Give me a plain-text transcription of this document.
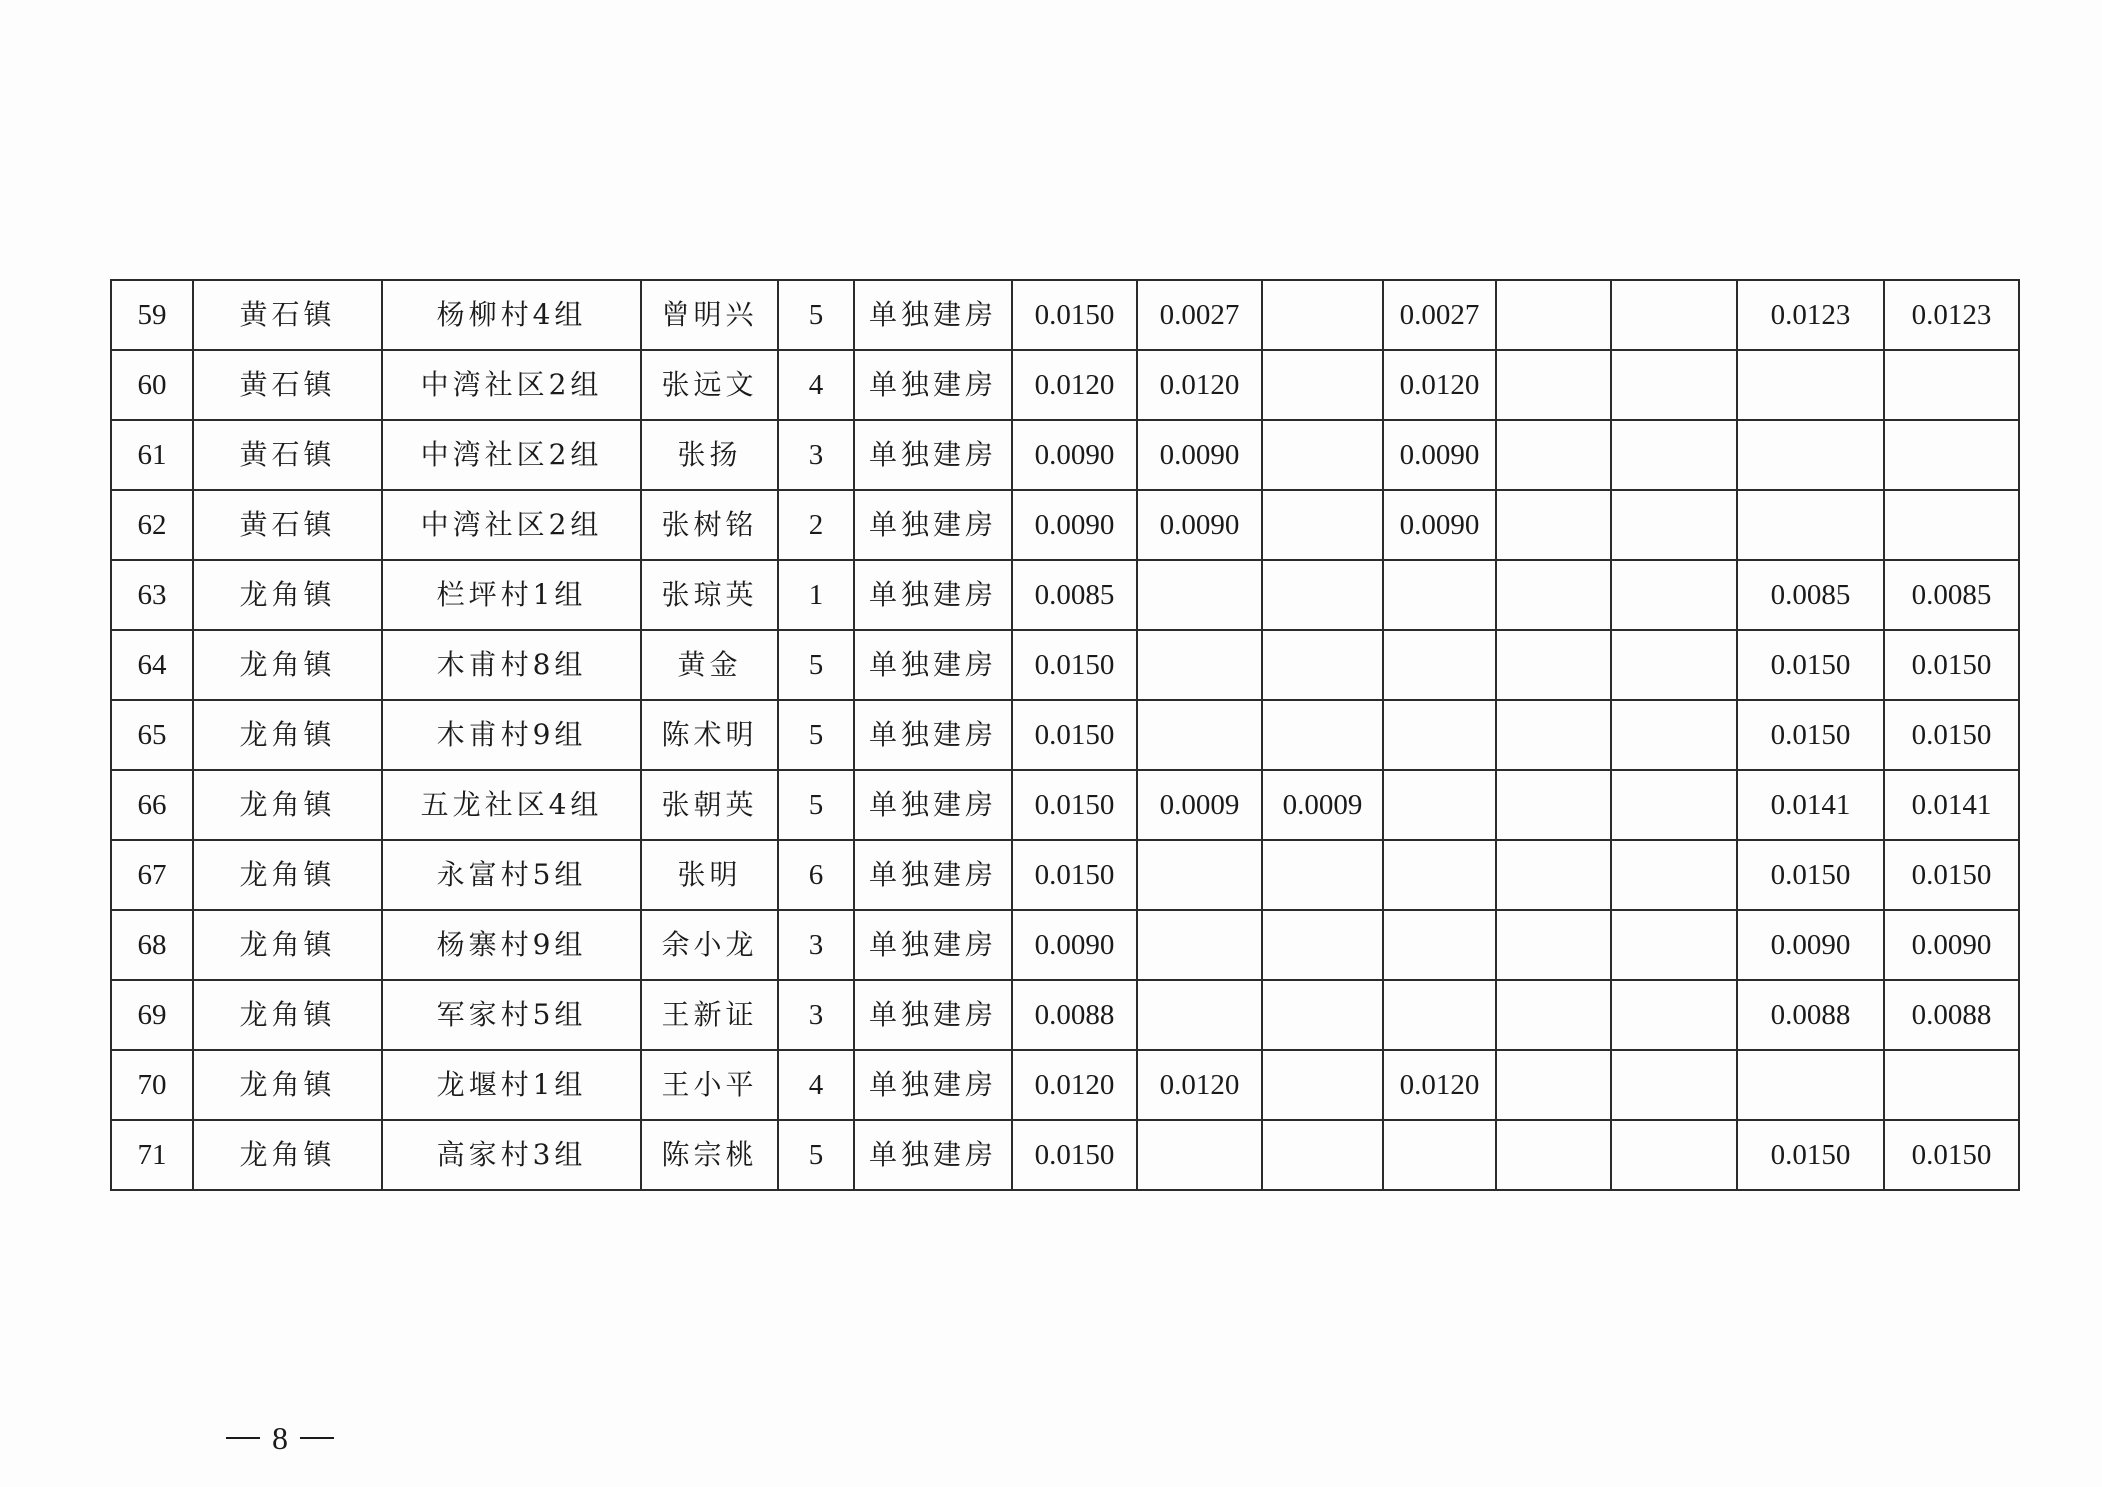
59	黄石镇	杨柳村4组	曾明兴	5	单独建房	0.0150	0.0027		0.0027			0.0123	0.0123
60	黄石镇	中湾社区2组	张远文	4	单独建房	0.0120	0.0120		0.0120				
61	黄石镇	中湾社区2组	张扬	3	单独建房	0.0090	0.0090		0.0090				
62	黄石镇	中湾社区2组	张树铭	2	单独建房	0.0090	0.0090		0.0090				
63	龙角镇	栏坪村1组	张琼英	1	单独建房	0.0085						0.0085	0.0085
64	龙角镇	木甫村8组	黄金	5	单独建房	0.0150						0.0150	0.0150
65	龙角镇	木甫村9组	陈术明	5	单独建房	0.0150						0.0150	0.0150
66	龙角镇	五龙社区4组	张朝英	5	单独建房	0.0150	0.0009	0.0009				0.0141	0.0141
67	龙角镇	永富村5组	张明	6	单独建房	0.0150						0.0150	0.0150
68	龙角镇	杨寨村9组	余小龙	3	单独建房	0.0090						0.0090	0.0090
69	龙角镇	军家村5组	王新证	3	单独建房	0.0088						0.0088	0.0088
70	龙角镇	龙堰村1组	王小平	4	单独建房	0.0120	0.0120		0.0120				
71	龙角镇	高家村3组	陈宗桃	5	单独建房	0.0150						0.0150	0.0150
8
